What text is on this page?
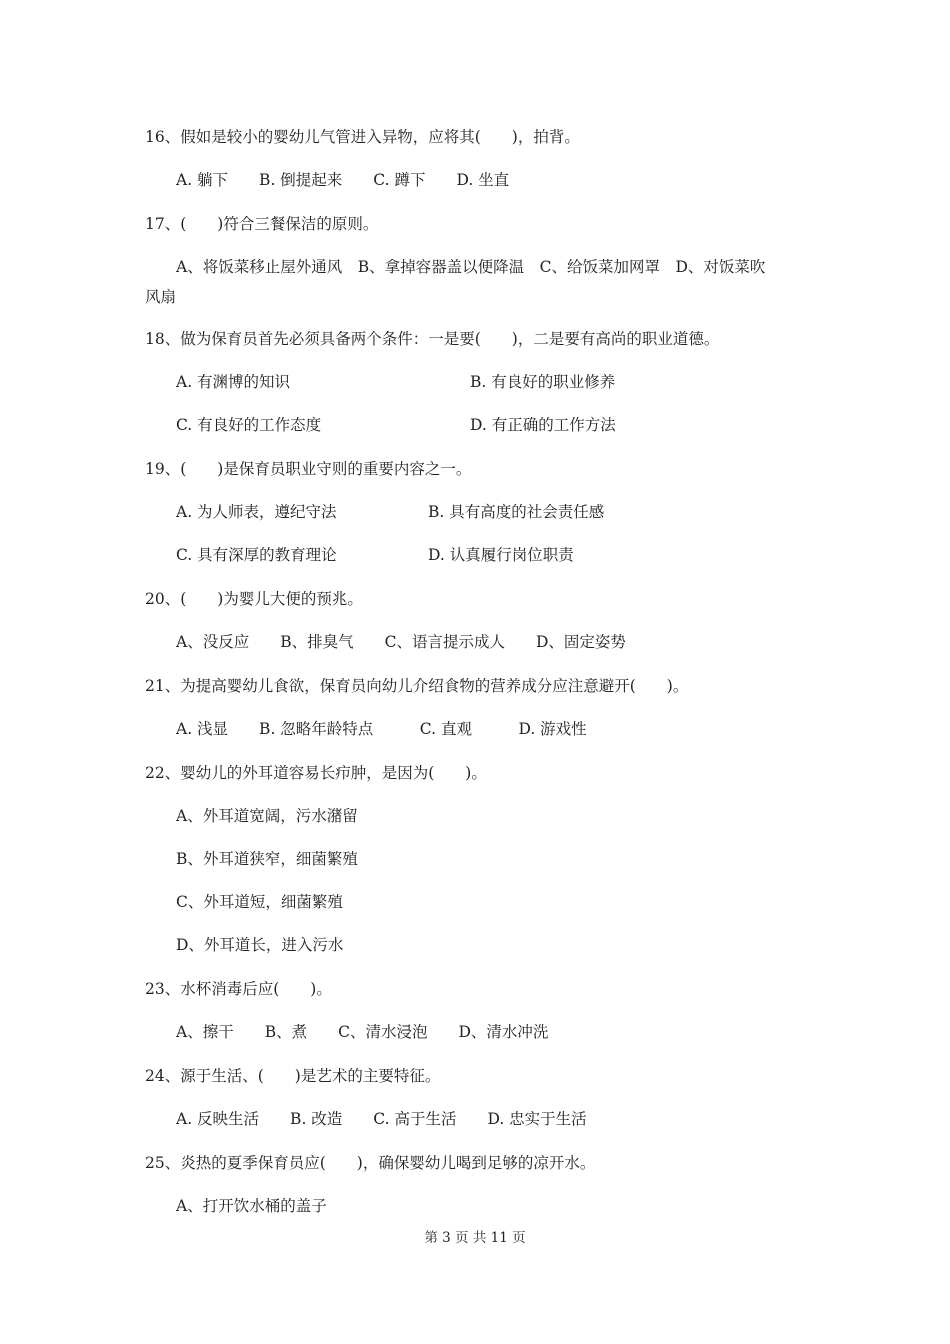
16、假如是较小的婴幼儿气管进入异物，应将其(　　)，拍背。
A. 躺下　　B. 倒提起来　　C. 蹲下　　D. 坐直
17、(　　)符合三餐保洁的原则。
A、将饭菜移止屋外通风　B、拿掉容器盖以便降温　C、给饭菜加网罩　D、对饭菜吹
风扇
18、做为保育员首先必须具备两个条件：一是要(　　)，二是要有高尚的职业道德。
A. 有渊博的知识	B. 有良好的职业修养
C. 有良好的工作态度	D. 有正确的工作方法
19、(　　)是保育员职业守则的重要内容之一。
A. 为人师表，遵纪守法	B. 具有高度的社会责任感
C. 具有深厚的教育理论	D. 认真履行岗位职责
20、(　　)为婴儿大便的预兆。
A、没反应　　B、排臭气　　C、语言提示成人　　D、固定姿势
21、为提高婴幼儿食欲，保育员向幼儿介绍食物的营养成分应注意避开(　　)。
A. 浅显　　B. 忽略年龄特点　　　C. 直观　　　D. 游戏性
22、婴幼儿的外耳道容易长疖肿，是因为(　　)。
A、外耳道宽阔，污水潴留
B、外耳道狭窄，细菌繁殖
C、外耳道短，细菌繁殖
D、外耳道长，进入污水
23、水杯消毒后应(　　)。
A、擦干　　B、煮　　C、清水浸泡　　D、清水冲洗
24、源于生活、(　　)是艺术的主要特征。
A. 反映生活　　B. 改造　　C. 高于生活　　D. 忠实于生活
25、炎热的夏季保育员应(　　)，确保婴幼儿喝到足够的凉开水。
A、打开饮水桶的盖子
第 3 页 共 11 页
